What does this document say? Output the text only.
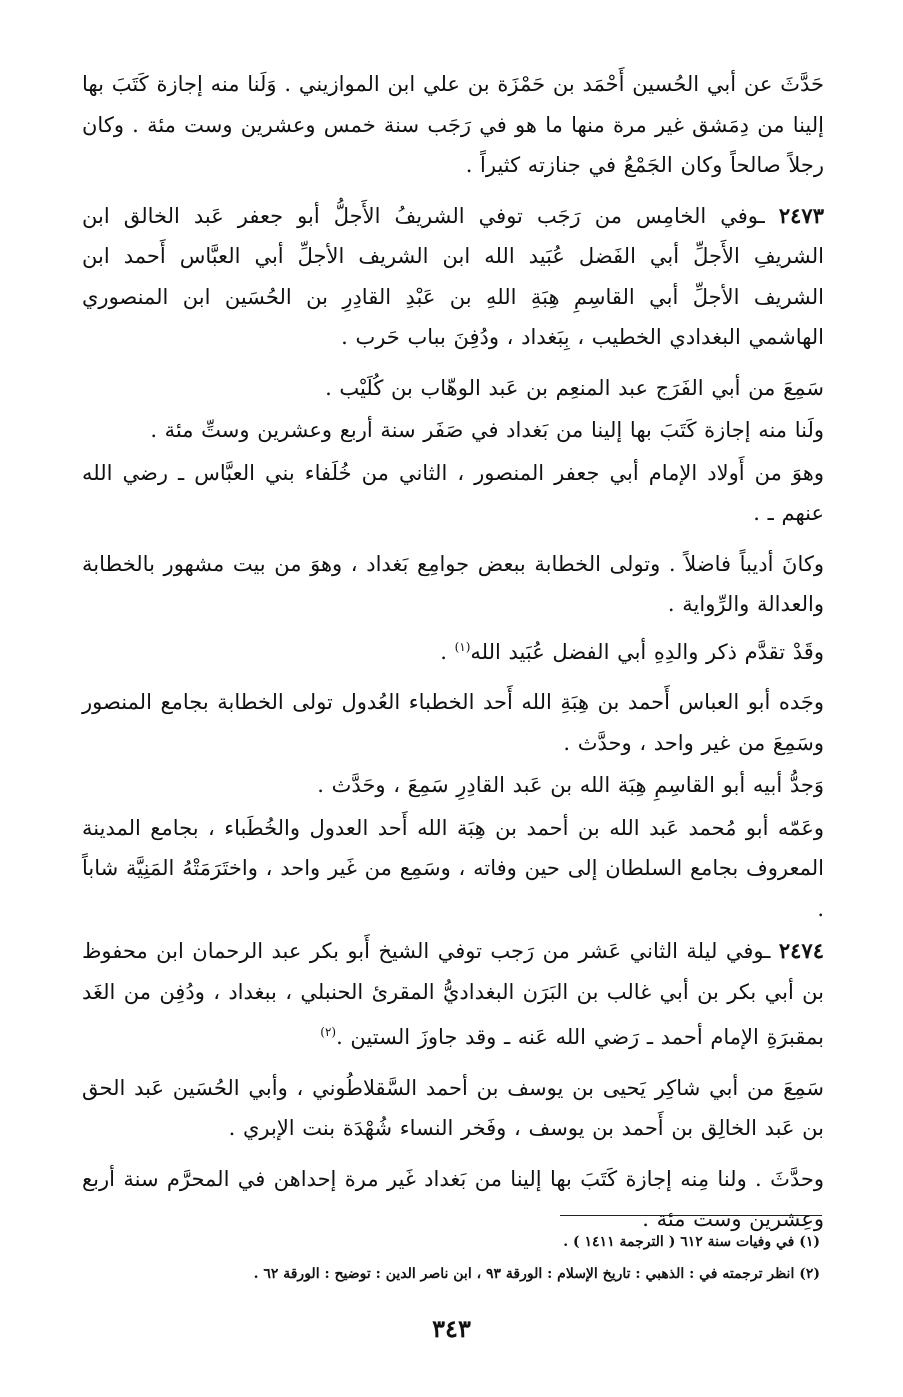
حَدَّثَ عن أبي الحُسين أَحْمَد بن حَمْزَة بن علي ابن الموازيني . وَلَنا منه إجازة كَتَبَ بها إلينا من دِمَشق غير مرة منها ما هو في رَجَب سنة خمس وعشرين وست مئة . وكان رجلاً صالحاً وكان الجَمْعُ في جنازته كثيراً .

٢٤٧٣ ـوفي الخامِس من رَجَب توفي الشريفُ الأَجلُّ أبو جعفر عَبد الخالق ابن الشريفِ الأَجلِّ أبي الفَضل عُبَيد الله ابن الشريف الأجلِّ أبي العبَّاس أَحمد ابن الشريف الأجلِّ أبي القاسِمِ هِبَةِ اللهِ بن عَبْدِ القادِرِ بن الحُسَين ابن المنصوري الهاشمي البغدادي الخطيب ، بِبَغداد ، ودُفِنَ بباب حَرب .

سَمِعَ من أبي الفَرَج عبد المنعِم بن عَبد الوهّاب بن كُلَيْب .

ولَنا منه إجازة كَتَبَ بها إلينا من بَغداد في صَفَر سنة أربع وعشرين وستِّ مئة .

وهوَ من أَولاد الإمام أبي جعفر المنصور ، الثاني من خُلَفاء بني العبَّاس ـ رضي الله عنهم ـ .

وكانَ أديباً فاضلاً . وتولى الخطابة ببعض جوامِع بَغداد ، وهوَ من بيت مشهور بالخطابة والعدالة والرِّواية .

وقَدْ تقدَّم ذكر والدِهِ أبي الفضل عُبَيد الله$^{(١)}$ .

وجَده أبو العباس أَحمد بن هِبَةِ الله أَحد الخطباء العُدول تولى الخطابة بجامع المنصور وسَمِعَ من غير واحد ، وحدَّث .

وَجدُّ أبيه أبو القاسِمِ هِبَة الله بن عَبد القادِرِ سَمِعَ ، وحَدَّث .

وعَمّه أبو مُحمد عَبد الله بن أحمد بن هِبَة الله أَحد العدول والخُطَباء ، بجامع المدينة المعروف بجامع السلطان إلى حين وفاته ، وسَمِع من غَير واحد ، واختَرَمَتْهُ المَنِيَّة شاباً .

٢٤٧٤ ـوفي ليلة الثاني عَشر من رَجب توفي الشيخ أَبو بكر عبد الرحمان ابن محفوظ بن أبي بكر بن أبي غالب بن البَرَن البغداديُّ المقرئ الحنبلي ، ببغداد ، ودُفِن من الغَد بمقبرَةِ الإمام أحمد ـ رَضي الله عَنه ـ وقد جاوزَ الستين .$^{(٢)}$

سَمِعَ من أبي شاكِر يَحيى بن يوسف بن أحمد السَّقلاطُوني ، وأبي الحُسَين عَبد الحق بن عَبد الخالِق بن أَحمد بن يوسف ، وفَخر النساء شُهْدَة بنت الإبري .

وحدَّثَ . ولنا مِنه إجازة كَتَبَ بها إلينا من بَغداد غَير مرة إحداهن في المحرَّم سنة أربع وعِشرين وست مئة .

(١) في وفيات سنة ٦١٢ ( الترجمة ١٤١١ ) .

(٢) انظر ترجمته في : الذهبي : تاريخ الإسلام : الورقة ٩٣ ، ابن ناصر الدين : توضيح : الورقة ٦٢ .

٣٤٣
